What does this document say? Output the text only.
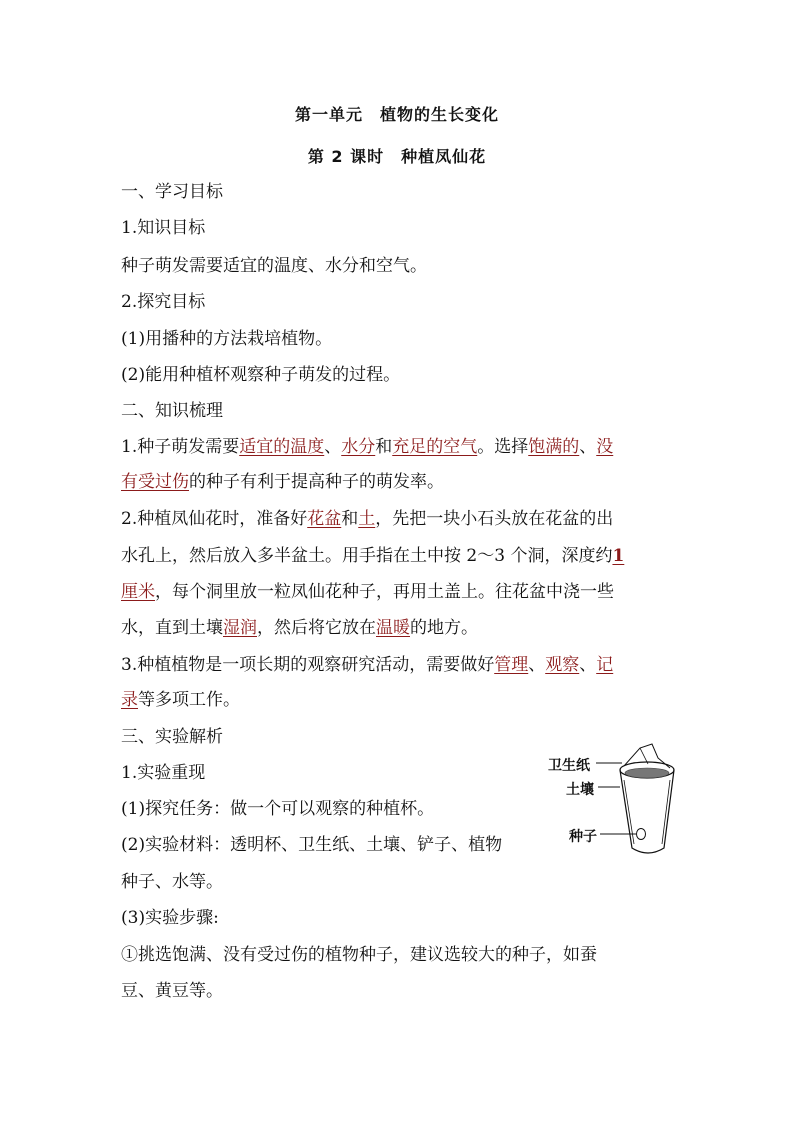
第一单元　植物的生长变化
第 2 课时　种植凤仙花
一、学习目标
1.知识目标
种子萌发需要适宜的温度、水分和空气。
2.探究目标
(1)用播种的方法栽培植物。
(2)能用种植杯观察种子萌发的过程。
二、知识梳理
1.种子萌发需要适宜的温度、水分和充足的空气。选择饱满的、没
有受过伤的种子有利于提高种子的萌发率。
2.种植凤仙花时，准备好花盆和土，先把一块小石头放在花盆的出
水孔上，然后放入多半盆土。用手指在土中按 2～3 个洞，深度约1
厘米，每个洞里放一粒凤仙花种子，再用土盖上。往花盆中浇一些
水，直到土壤湿润，然后将它放在温暖的地方。
3.种植植物是一项长期的观察研究活动，需要做好管理、观察、记
录等多项工作。
三、实验解析
1.实验重现
(1)探究任务：做一个可以观察的种植杯。
(2)实验材料：透明杯、卫生纸、土壤、铲子、植物
种子、水等。
(3)实验步骤:
①挑选饱满、没有受过伤的植物种子，建议选较大的种子，如蚕
豆、黄豆等。
卫生纸
土壤
种子
